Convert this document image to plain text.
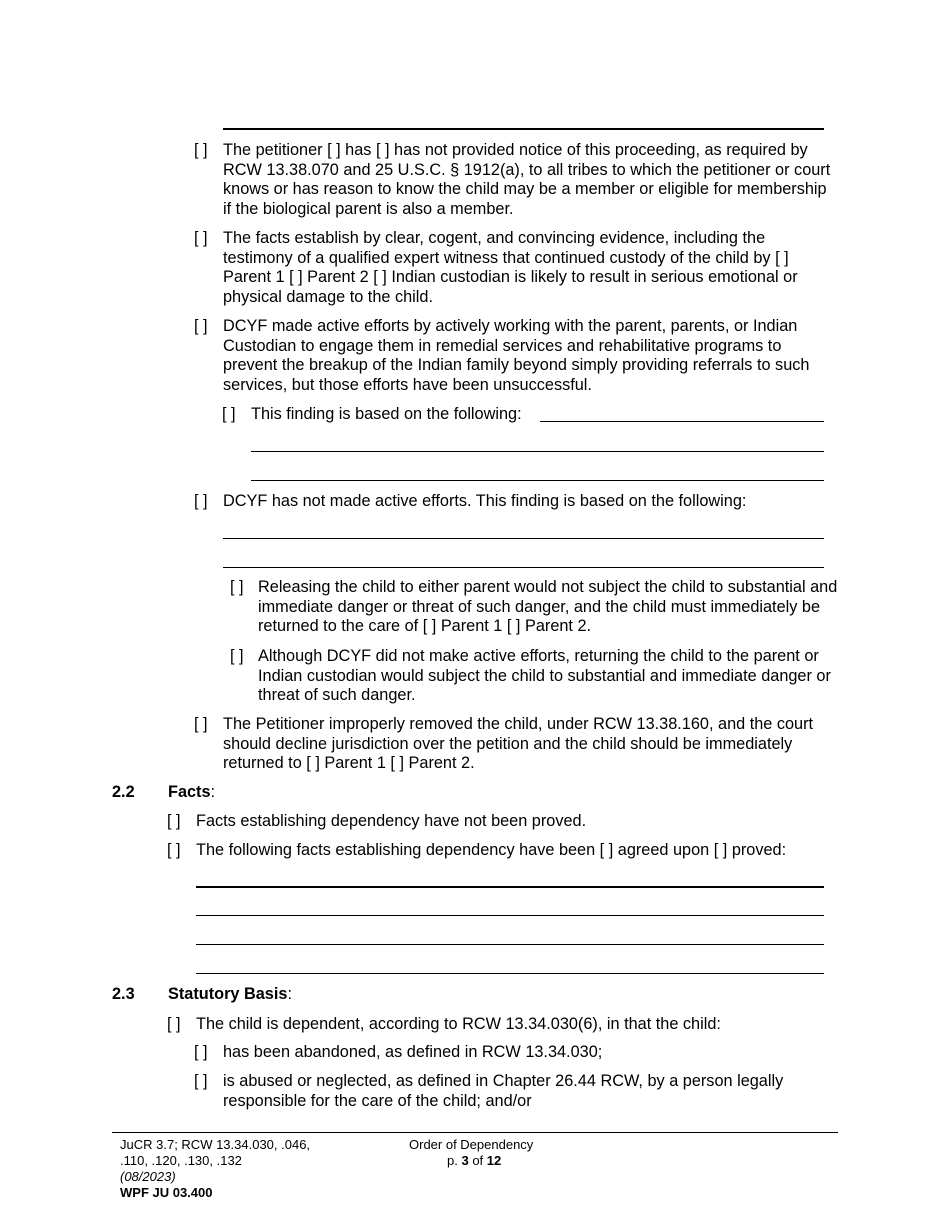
[ ] The petitioner [ ] has [ ] has not provided notice of this proceeding, as required by RCW 13.38.070 and 25 U.S.C. § 1912(a), to all tribes to which the petitioner or court knows or has reason to know the child may be a member or eligible for membership if the biological parent is also a member.
[ ] The facts establish by clear, cogent, and convincing evidence, including the testimony of a qualified expert witness that continued custody of the child by [ ] Parent 1 [ ] Parent 2 [ ] Indian custodian is likely to result in serious emotional or physical damage to the child.
[ ] DCYF made active efforts by actively working with the parent, parents, or Indian Custodian to engage them in remedial services and rehabilitative programs to prevent the breakup of the Indian family beyond simply providing referrals to such services, but those efforts have been unsuccessful.
[ ] This finding is based on the following:
[ ] DCYF has not made active efforts. This finding is based on the following:
[ ] Releasing the child to either parent would not subject the child to substantial and immediate danger or threat of such danger, and the child must immediately be returned to the care of [ ] Parent 1 [ ] Parent 2.
[ ] Although DCYF did not make active efforts, returning the child to the parent or Indian custodian would subject the child to substantial and immediate danger or threat of such danger.
[ ] The Petitioner improperly removed the child, under RCW 13.38.160, and the court should decline jurisdiction over the petition and the child should be immediately returned to [ ] Parent 1 [ ] Parent 2.
2.2 Facts:
[ ] Facts establishing dependency have not been proved.
[ ] The following facts establishing dependency have been [ ] agreed upon [ ] proved:
2.3 Statutory Basis:
[ ] The child is dependent, according to RCW 13.34.030(6), in that the child:
[ ] has been abandoned, as defined in RCW 13.34.030;
[ ] is abused or neglected, as defined in Chapter 26.44 RCW, by a person legally responsible for the care of the child; and/or
JuCR 3.7; RCW 13.34.030, .046,
.110, .120, .130, .132
(08/2023)
WPF JU 03.400
Order of Dependency
p. 3 of 12
